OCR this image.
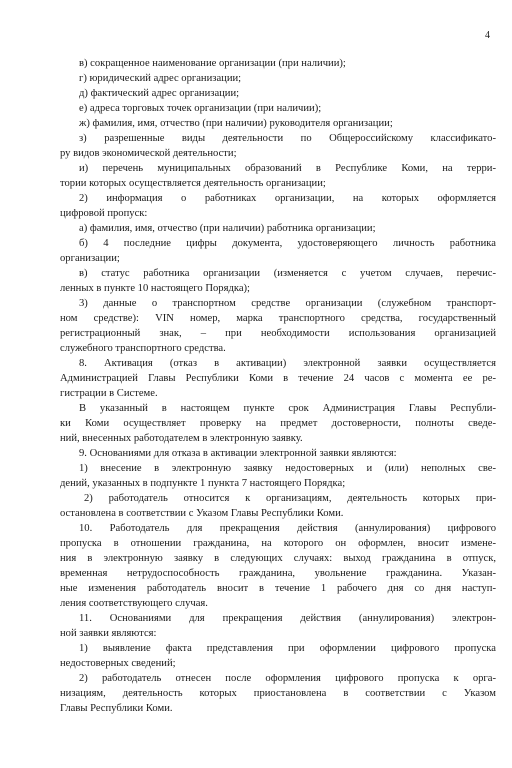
4
в) сокращенное наименование организации (при наличии);
г) юридический адрес организации;
д) фактический адрес организации;
е) адреса торговых точек организации (при наличии);
ж) фамилия, имя, отчество (при наличии) руководителя организации;
з) разрешенные виды деятельности по Общероссийскому классификато-
ру видов экономической деятельности;
и) перечень муниципальных образований в Республике Коми, на терри-
тории которых осуществляется деятельность организации;
2) информация о работниках организации, на которых оформляется
цифровой пропуск:
а) фамилия, имя, отчество (при наличии) работника организации;
б) 4 последние цифры документа, удостоверяющего личность работника
организации;
в) статус работника организации (изменяется с учетом случаев, перечис-
ленных в пункте 10 настоящего Порядка);
3) данные о транспортном средстве организации (служебном транспорт-
ном средстве): VIN номер, марка транспортного средства, государственный
регистрационный знак, – при необходимости использования организацией
служебного транспортного средства.
8. Активация (отказ в активации) электронной заявки осуществляется
Администрацией Главы Республики Коми в течение 24 часов с момента ее ре-
гистрации в Системе.
В указанный в настоящем пункте срок Администрация Главы Республи-
ки Коми осуществляет проверку на предмет достоверности, полноты сведе-
ний, внесенных работодателем в электронную заявку.
9. Основаниями для отказа в активации электронной заявки являются:
1) внесение в электронную заявку недостоверных и (или) неполных све-
дений, указанных в подпункте 1 пункта 7 настоящего Порядка;
2) работодатель относится к организациям, деятельность которых при-
остановлена в соответствии с Указом Главы Республики Коми.
10. Работодатель для прекращения действия (аннулирования) цифрового
пропуска в отношении гражданина, на которого он оформлен, вносит измене-
ния в электронную заявку в следующих случаях: выход гражданина в отпуск,
временная нетрудоспособность гражданина, увольнение гражданина. Указан-
ные изменения работодатель вносит в течение 1 рабочего дня со дня наступ-
ления соответствующего случая.
11. Основаниями для прекращения действия (аннулирования) электрон-
ной заявки являются:
1) выявление факта представления при оформлении цифрового пропуска
недостоверных сведений;
2) работодатель отнесен после оформления цифрового пропуска к орга-
низациям, деятельность которых приостановлена в соответствии с Указом
Главы Республики Коми.
